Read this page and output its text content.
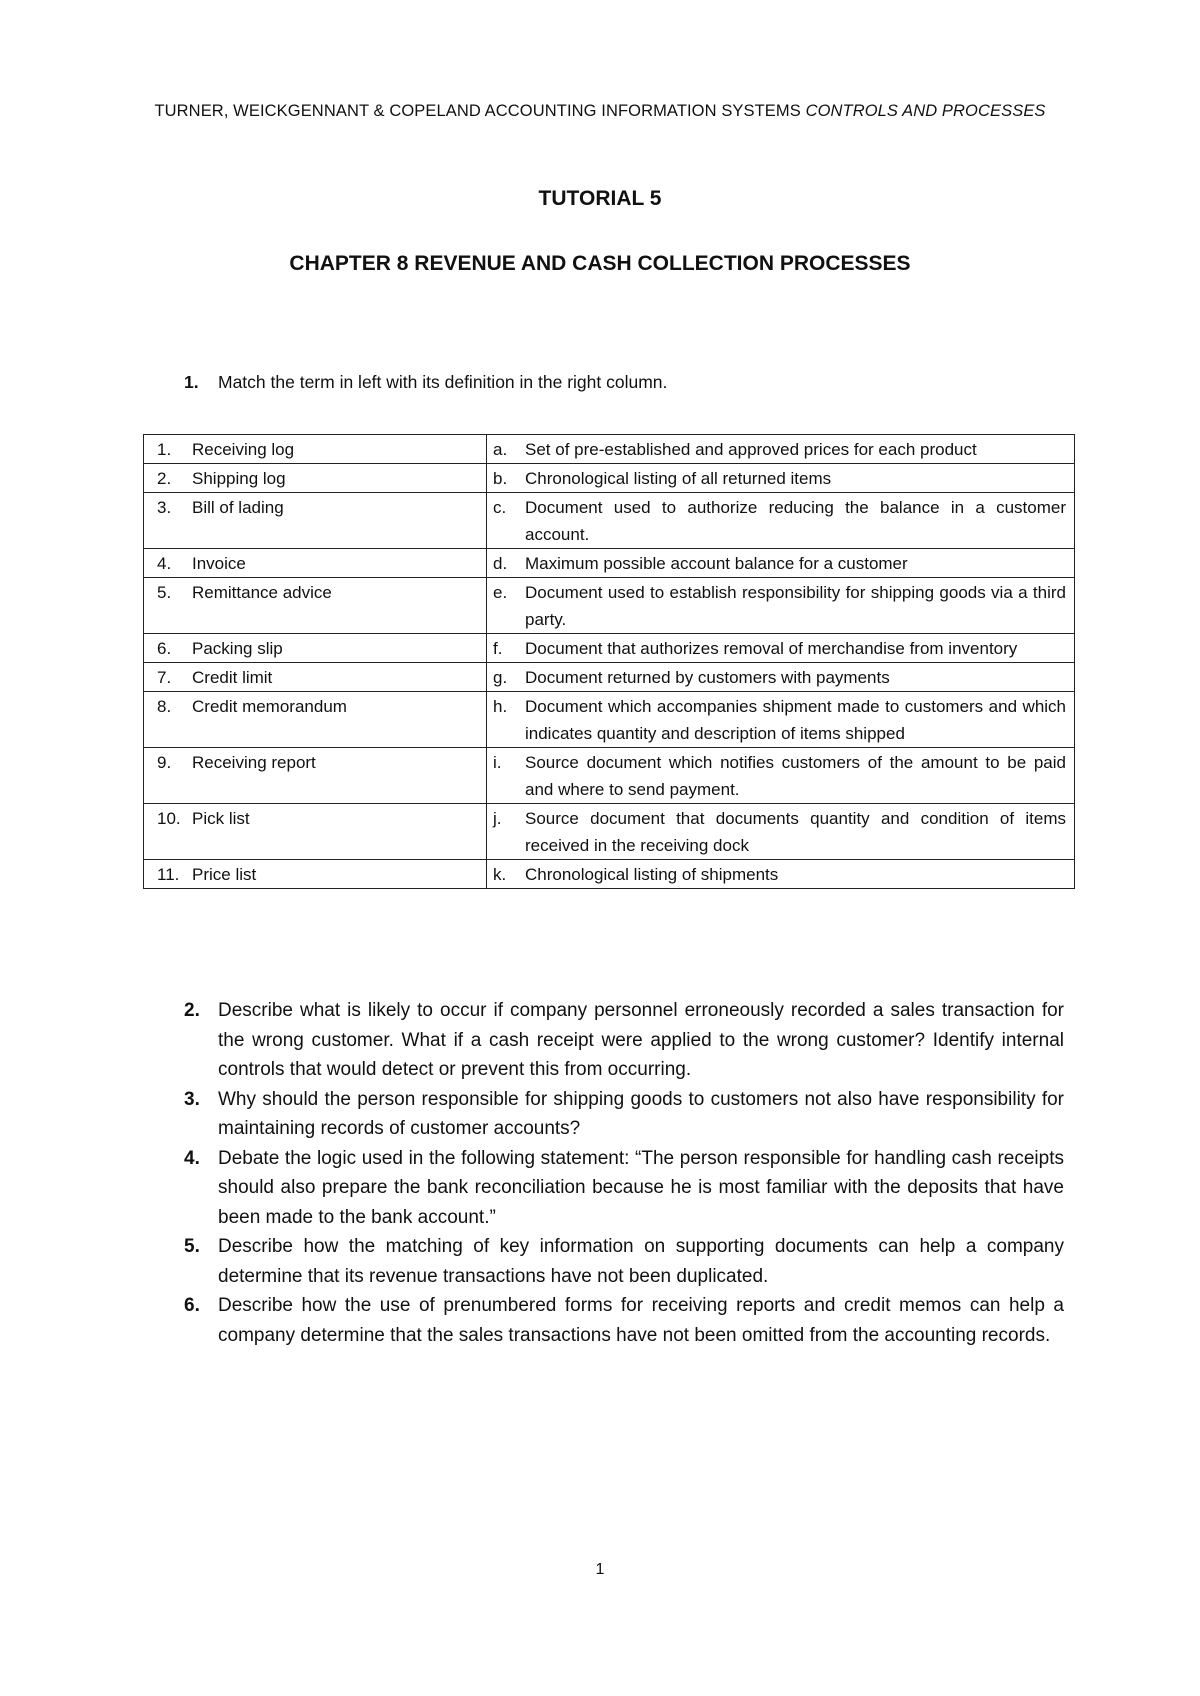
TURNER, WEICKGENNANT & COPELAND ACCOUNTING INFORMATION SYSTEMS CONTROLS AND PROCESSES
TUTORIAL 5
CHAPTER 8 REVENUE AND CASH COLLECTION PROCESSES
1. Match the term in left with its definition in the right column.
1. Receiving log	a. Set of pre-established and approved prices for each product
2. Shipping log	b. Chronological listing of all returned items
3. Bill of lading	c. Document used to authorize reducing the balance in a customer account.
4. Invoice	d. Maximum possible account balance for a customer
5. Remittance advice	e. Document used to establish responsibility for shipping goods via a third party.
6. Packing slip	f. Document that authorizes removal of merchandise from inventory
7. Credit limit	g. Document returned by customers with payments
8. Credit memorandum	h. Document which accompanies shipment made to customers and which indicates quantity and description of items shipped
9. Receiving report	i. Source document which notifies customers of the amount to be paid and where to send payment.
10. Pick list	j. Source document that documents quantity and condition of items received in the receiving dock
11. Price list	k. Chronological listing of shipments
2. Describe what is likely to occur if company personnel erroneously recorded a sales transaction for the wrong customer. What if a cash receipt were applied to the wrong customer? Identify internal controls that would detect or prevent this from occurring.
3. Why should the person responsible for shipping goods to customers not also have responsibility for maintaining records of customer accounts?
4. Debate the logic used in the following statement: “The person responsible for handling cash receipts should also prepare the bank reconciliation because he is most familiar with the deposits that have been made to the bank account.”
5. Describe how the matching of key information on supporting documents can help a company determine that its revenue transactions have not been duplicated.
6. Describe how the use of prenumbered forms for receiving reports and credit memos can help a company determine that the sales transactions have not been omitted from the accounting records.
1
